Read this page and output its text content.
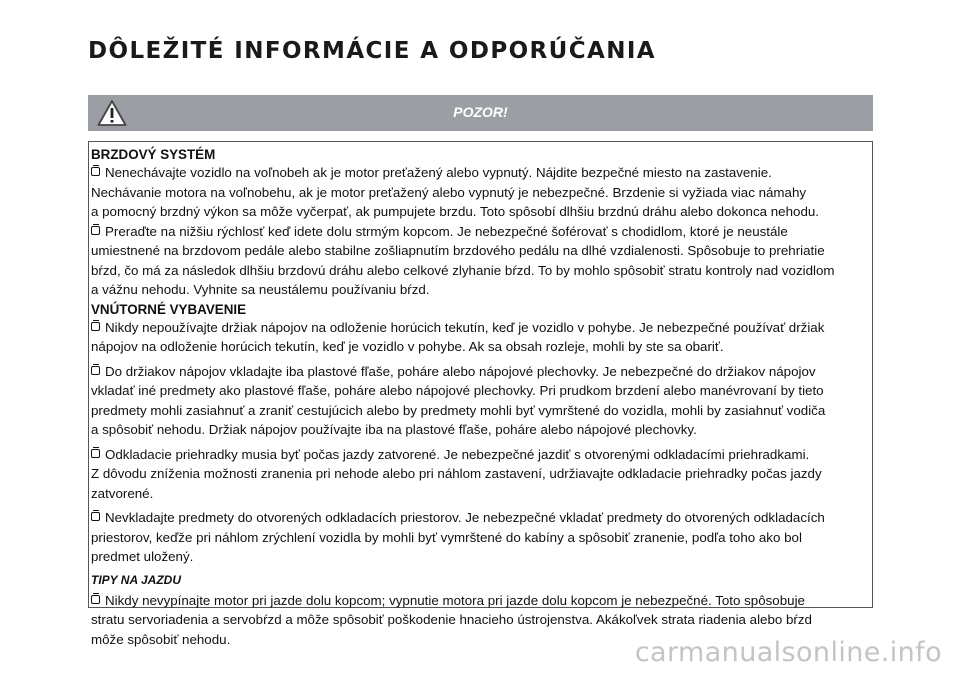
DÔLEŽITÉ INFORMÁCIE A ODPORÚČANIA
POZOR!
BRZDOVÝ SYSTÉM

Nenechávajte vozidlo na voľnobeh ak je motor preťažený alebo vypnutý. Nájdite bezpečné miesto na zastavenie.
Nechávanie motora na voľnobehu, ak je motor preťažený alebo vypnutý je nebezpečné. Brzdenie si vyžiada viac námahy
a pomocný brzdný výkon sa môže vyčerpať, ak pumpujete brzdu. Toto spôsobí dlhšiu brzdnú dráhu alebo dokonca nehodu.

Preraďte na nižšiu rýchlosť keď idete dolu strmým kopcom. Je nebezpečné šoférovať s chodidlom, ktoré je neustále
umiestnené na brzdovom pedále alebo stabilne zošliapnutím brzdového pedálu na dlhé vzdialenosti. Spôsobuje to prehriatie
bŕzd, čo má za následok dlhšiu brzdovú dráhu alebo celkové zlyhanie bŕzd. To by mohlo spôsobiť stratu kontroly nad vozidlom
a vážnu nehodu. Vyhnite sa neustálemu používaniu bŕzd.

VNÚTORNÉ VYBAVENIE

Nikdy nepoužívajte držiak nápojov na odloženie horúcich tekutín, keď je vozidlo v pohybe. Je nebezpečné používať držiak
nápojov na odloženie horúcich tekutín, keď je vozidlo v pohybe. Ak sa obsah rozleje, mohli by ste sa obariť.

Do držiakov nápojov vkladajte iba plastové fľaše, poháre alebo nápojové plechovky. Je nebezpečné do držiakov nápojov
vkladať iné predmety ako plastové fľaše, poháre alebo nápojové plechovky. Pri prudkom brzdení alebo manévrovaní by tieto
predmety mohli zasiahnuť a zraniť cestujúcich alebo by predmety mohli byť vymrštené do vozidla, mohli by zasiahnuť vodiča
a spôsobiť nehodu. Držiak nápojov používajte iba na plastové fľaše, poháre alebo nápojové plechovky.

Odkladacie priehradky musia byť počas jazdy zatvorené. Je nebezpečné jazdiť s otvorenými odkladacími priehradkami.
Z dôvodu zníženia možnosti zranenia pri nehode alebo pri náhlom zastavení, udržiavajte odkladacie priehradky počas jazdy
zatvorené.

Nevkladajte predmety do otvorených odkladacích priestorov. Je nebezpečné vkladať predmety do otvorených odkladacích
priestorov, keďže pri náhlom zrýchlení vozidla by mohli byť vymrštené do kabíny a spôsobiť zranenie, podľa toho ako bol
predmet uložený.

TIPY NA JAZDU

Nikdy nevypínajte motor pri jazde dolu kopcom; vypnutie motora pri jazde dolu kopcom je nebezpečné. Toto spôsobuje
stratu servoriadenia a servobŕzd a môže spôsobiť poškodenie hnacieho ústrojenstva. Akákoľvek strata riadenia alebo bŕzd
môže spôsobiť nehodu.	carmanualsonline.info
